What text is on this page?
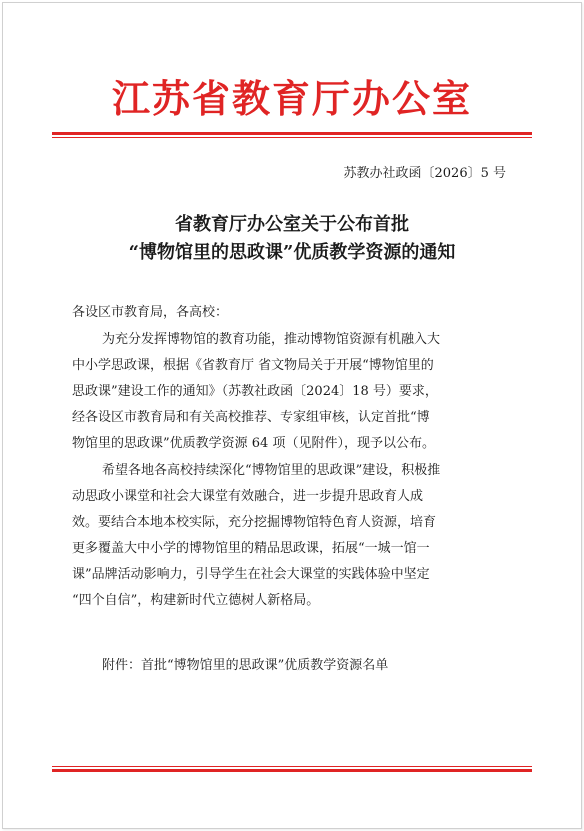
江苏省教育厅办公室
苏教办社政函〔2026〕5 号
省教育厅办公室关于公布首批
“博物馆里的思政课”优质教学资源的通知
各设区市教育局，各高校：
为充分发挥博物馆的教育功能，推动博物馆资源有机融入大
中小学思政课，根据《省教育厅 省文物局关于开展“博物馆里的
思政课”建设工作的通知》（苏教社政函〔2024〕18 号）要求，
经各设区市教育局和有关高校推荐、专家组审核，认定首批“博
物馆里的思政课”优质教学资源 64 项（见附件），现予以公布。
希望各地各高校持续深化“博物馆里的思政课”建设，积极推
动思政小课堂和社会大课堂有效融合，进一步提升思政育人成
效。要结合本地本校实际，充分挖掘博物馆特色育人资源，培育
更多覆盖大中小学的博物馆里的精品思政课，拓展“一城一馆一
课”品牌活动影响力，引导学生在社会大课堂的实践体验中坚定
“四个自信”，构建新时代立德树人新格局。
附件：首批“博物馆里的思政课”优质教学资源名单
